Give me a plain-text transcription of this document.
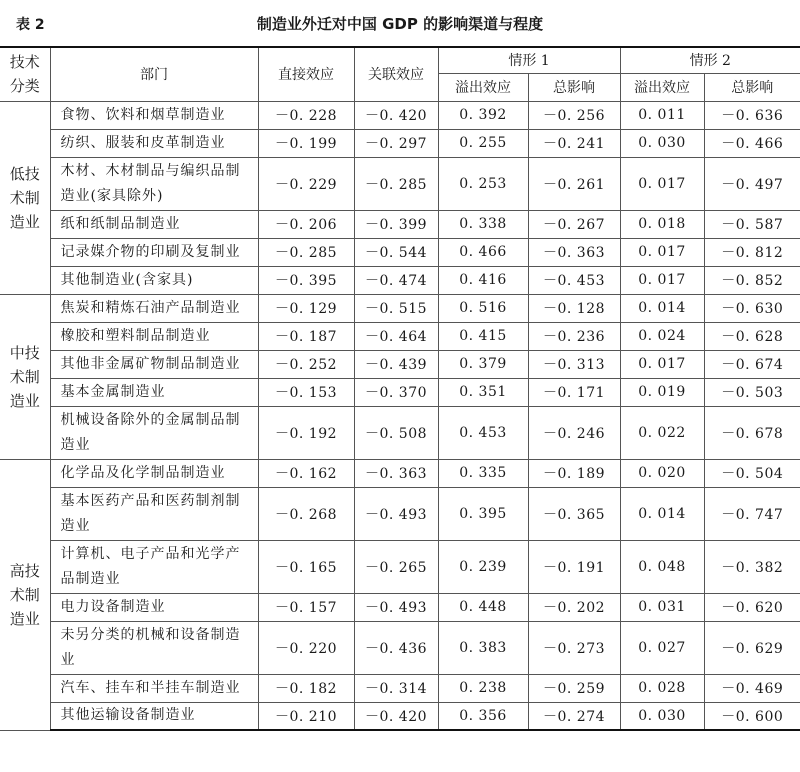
表 2	制造业外迁对中国 GDP 的影响渠道与程度
技术
分类	部门	直接效应	关联效应	情形 1		情形 2	
				溢出效应	总影响	溢出效应	总影响

低技
术制
造业	食物、饮料和烟草制造业	－0. 228	－0. 420	0. 392	－0. 256	0. 011	－0. 636
	纺织、服装和皮革制造业	－0. 199	－0. 297	0. 255	－0. 241	0. 030	－0. 466
	木材、木材制品与编织品制造业(家具除外)	－0. 229	－0. 285	0. 253	－0. 261	0. 017	－0. 497
	纸和纸制品制造业	－0. 206	－0. 399	0. 338	－0. 267	0. 018	－0. 587
	记录媒介物的印刷及复制业	－0. 285	－0. 544	0. 466	－0. 363	0. 017	－0. 812
	其他制造业(含家具)	－0. 395	－0. 474	0. 416	－0. 453	0. 017	－0. 852

中技
术制
造业	焦炭和精炼石油产品制造业	－0. 129	－0. 515	0. 516	－0. 128	0. 014	－0. 630
	橡胶和塑料制品制造业	－0. 187	－0. 464	0. 415	－0. 236	0. 024	－0. 628
	其他非金属矿物制品制造业	－0. 252	－0. 439	0. 379	－0. 313	0. 017	－0. 674
	基本金属制造业	－0. 153	－0. 370	0. 351	－0. 171	0. 019	－0. 503
	机械设备除外的金属制品制造业	－0. 192	－0. 508	0. 453	－0. 246	0. 022	－0. 678

高技
术制
造业	化学品及化学制品制造业	－0. 162	－0. 363	0. 335	－0. 189	0. 020	－0. 504
	基本医药产品和医药制剂制造业	－0. 268	－0. 493	0. 395	－0. 365	0. 014	－0. 747
	计算机、电子产品和光学产品制造业	－0. 165	－0. 265	0. 239	－0. 191	0. 048	－0. 382
	电力设备制造业	－0. 157	－0. 493	0. 448	－0. 202	0. 031	－0. 620
	未另分类的机械和设备制造业	－0. 220	－0. 436	0. 383	－0. 273	0. 027	－0. 629
	汽车、挂车和半挂车制造业	－0. 182	－0. 314	0. 238	－0. 259	0. 028	－0. 469
	其他运输设备制造业	－0. 210	－0. 420	0. 356	－0. 274	0. 030	－0. 600
